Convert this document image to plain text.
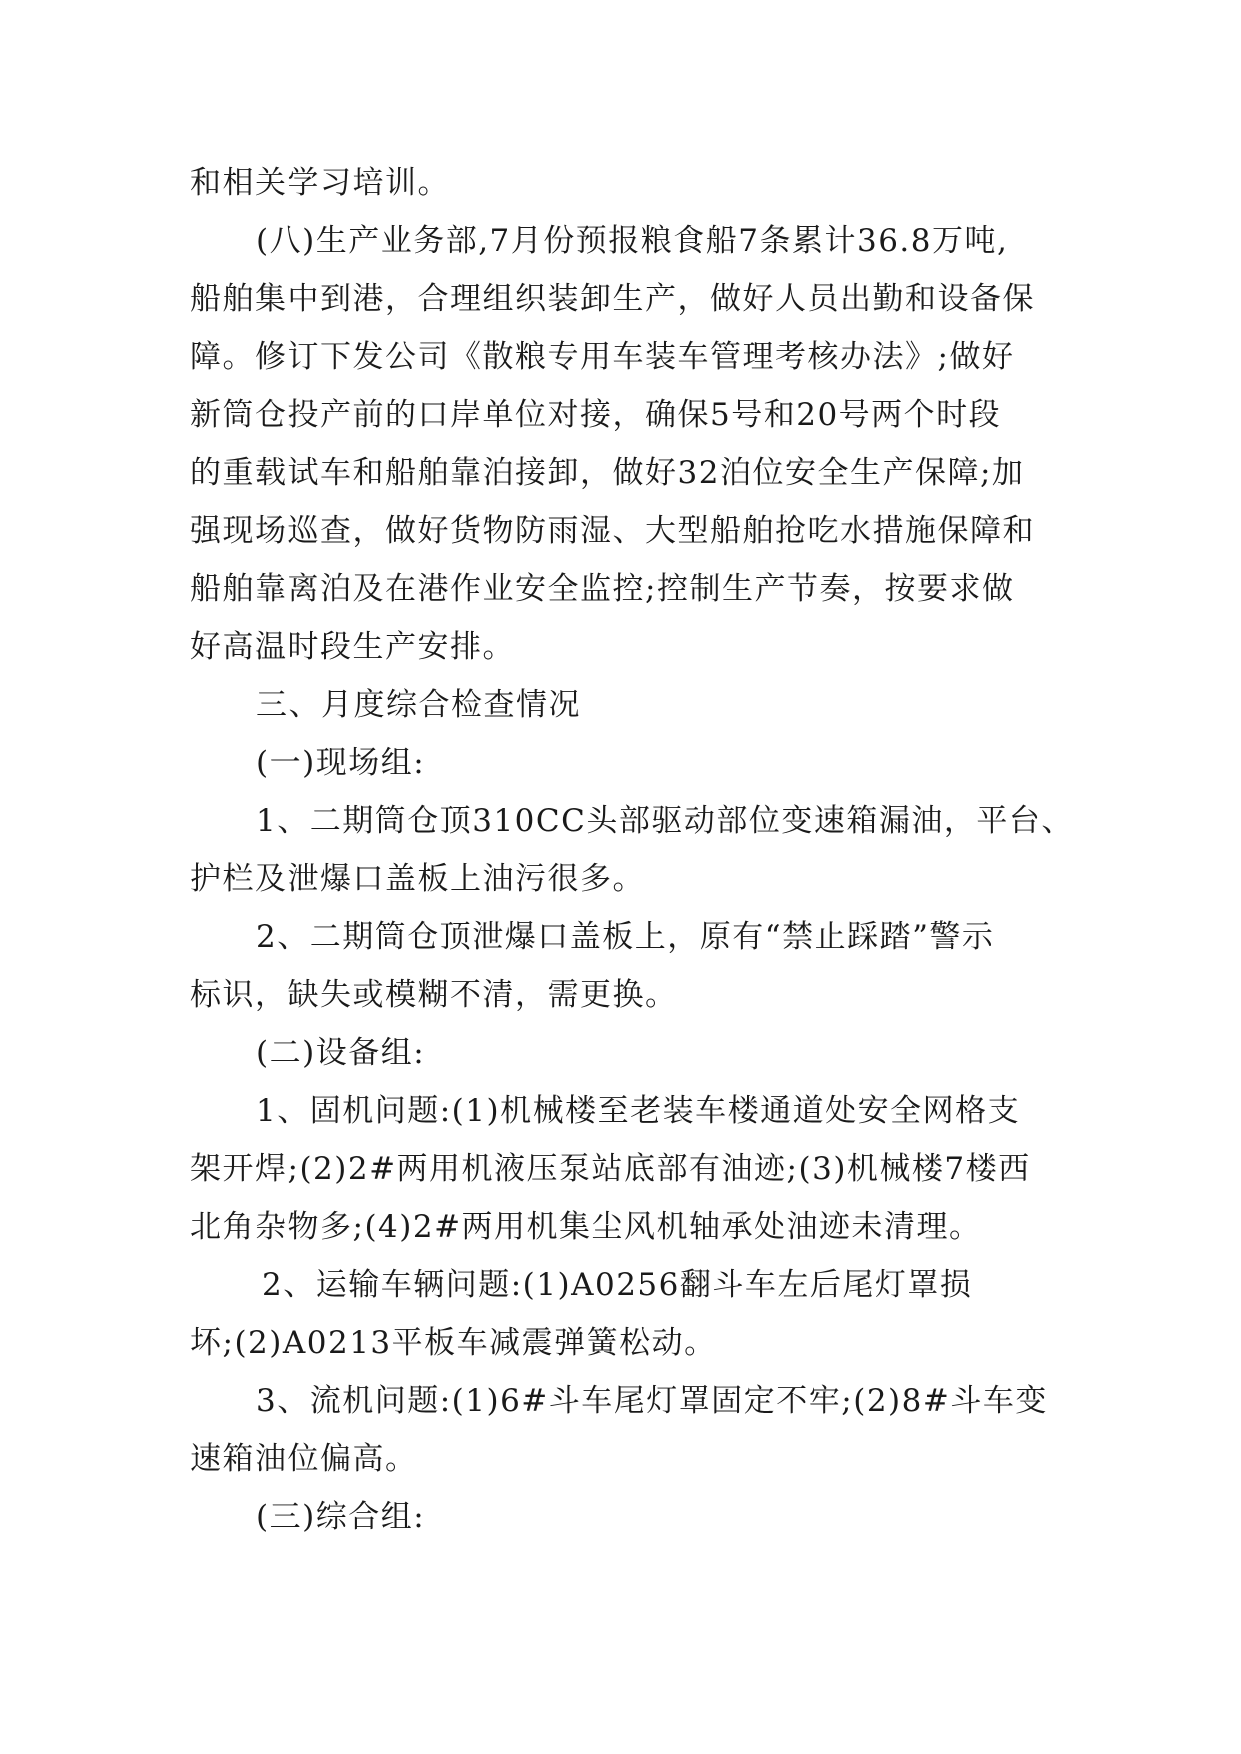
和相关学习培训。
(八)生产业务部,7月份预报粮食船7条累计36.8万吨,
船舶集中到港，合理组织装卸生产，做好人员出勤和设备保
障。修订下发公司《散粮专用车装车管理考核办法》;做好
新筒仓投产前的口岸单位对接，确保5号和20号两个时段
的重载试车和船舶靠泊接卸，做好32泊位安全生产保障;加
强现场巡查，做好货物防雨湿、大型船舶抢吃水措施保障和
船舶靠离泊及在港作业安全监控;控制生产节奏，按要求做
好高温时段生产安排。
三、月度综合检查情况
(一)现场组:
1、二期筒仓顶310CC头部驱动部位变速箱漏油，平台、
护栏及泄爆口盖板上油污很多。
2、二期筒仓顶泄爆口盖板上，原有“禁止踩踏”警示
标识，缺失或模糊不清，需更换。
(二)设备组:
1、固机问题:(1)机械楼至老装车楼通道处安全网格支
架开焊;(2)2#两用机液压泵站底部有油迹;(3)机械楼7楼西
北角杂物多;(4)2#两用机集尘风机轴承处油迹未清理。
2、运输车辆问题:(1)A0256翻斗车左后尾灯罩损
坏;(2)A0213平板车减震弹簧松动。
3、流机问题:(1)6#斗车尾灯罩固定不牢;(2)8#斗车变
速箱油位偏高。
(三)综合组:
